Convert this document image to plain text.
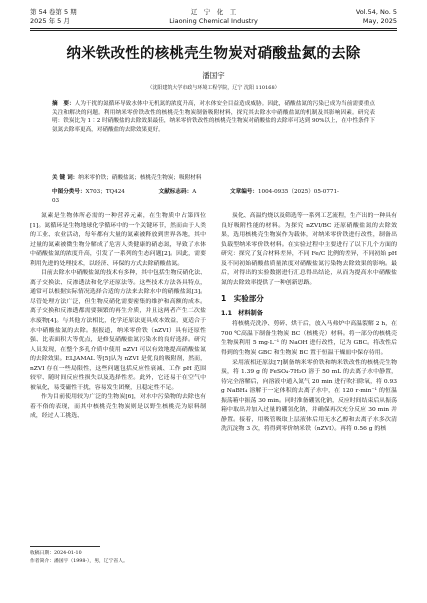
第 54 卷第 5 期
2025 年 5 月
辽　宁　化　工
Liaoning Chemical Industry
Vol.54, No. 5
May, 2025
纳米铁改性的核桃壳生物炭对硝酸盐氮的去除
潘国宇
（沈阳建筑大学市政与环境工程学院，辽宁 沈阳 110168）
摘　要：人为干扰的氮循环导致水体中无机氮的浓度升高，对水体安全目益造成威胁。因此，硝酸盐氮的污染已成为当前需要重点关注和解决的问题。利用纳米零价铁改性的核桃壳生物炭制备吸附材料，探究其去除水中硝酸盐氮的机制及其影响因素。研究表明：铁炭比为 1∶2 时硝酸盐的去除效果最佳，纳米零价铁改性的核桃壳生物炭对硝酸盐的去除率可达到 90%以上，在中性条件下氨氮去除率更高，对硝酸盐的去除效果更好。
关 键 词：纳米零价铁；硝酸盐氮；核桃壳生物炭；吸附材料
中图分类号：X703；TQ424	文献标志码：A	文章编号：1004-0935（2025）05-0771-03

氮素是生物体所必需的一种营养元素，在生物质中占第四位[1]。氮循环是生物地球化学循环中的一个关键环节，然而由于人类的工业、农业活动，每年都有大量的氮素被释放到世界各地，其中过量的氮素被微生物分解成了危害人类健康的硝态氮，导致了水体中硝酸盐氮的浓度升高，引发了一系列的生态问题[2]。因此，需要利用先进的处理技术，以经济、环保的方式去除硝酸盐氮。

目前去除水中硝酸盐氮的技术有多种，其中包括生物反硝化法、离子交换法、反渗透法和化学还原法等。这些技术方法各具特点，通常可以根据实际情况选择合适的方法来去除水中的硝酸盐氮[3]。尽管处理方法广泛，但生物反硝化需要密集的维护和高额的成本。离子交换和反渗透都需要频繁的再生介质，并且这两者产生二次盐水废物[4]。与其他方法相比，化学还原法更具成本效益，更适合于水中硝酸盐氮的去除。据报道，纳米零价铁（nZVI）具有还原性强、比表面积大等优点，是修复硝酸盐氮污染水的良好选择。研究人员发现，在整个多孔介质中使用 nZVI 可以有效地提高硝酸盐氮的去除效果。ELJAMAL 等[5]认为 nZVI 是优良的吸附剂，然而，nZVI 存在一些局限性，这些问题包括反应性衰减、工作 pH 范围较窄、随时间反应性损失以及选择性差。此外，它还易于在空气中被氧化，易受磁性干扰，容易发生团聚，且稳定性不足。

作为目前使用较为广泛的生物炭[6]，对水中污染物的去除也有着不俗的表现，而其中核桃壳生物炭则是以野生核桃壳为原料制成，经过人工挑选、

炭化、高温灼烧以及筛选等一系列工艺流程，生产出的一种具有良好吸附性能的材料。为探究 nZVI/BC 还原硝酸盐氮的去除效果，选用核桃壳生物炭作为载体，对纳米零价铁进行改性，制备出负载型纳米零价铁材料。在实验过程中主要进行了以下几个方面的研究：探究了复合材料差异，不同 Fe/C 比例的差异，不同初始 pH 及不同初始硝酸盐质量浓度对硝酸盐氮污染物去除效果的影响。最后，对得出的实验数据进行汇总得出结论，从而为提高水中硝酸盐氮的去除效率提供了一种创新思路。

1　实验部分
1.1　材料制备

将核桃壳洗净、剪碎、烘干后，放入马弗炉中高温裂解 2 h，在 700 ℃高温下制备生物炭 BC（核桃壳）材料。将一部分的核桃壳生物炭利用 5 mg·L⁻¹ 的 NaOH 进行改性，记为 GBC。将改性后得到的生物炭 GBC 和生物炭 BC 置于恒温干燥皿中保存待用。

采用液相还原法[7]制备纳米零价铁和纳米铁改性的核桃壳生物炭，将 1.39 g 的 FeSO₄·7H₂O 溶于 50 mL 的去离子水中静置，待完全溶解后，向溶液中通入氮气 20 min 进行吹扫除氧，将 0.93 g NaBH₄ 溶解于一定体积的去离子水中，在 120 r·min⁻¹ 的恒温振荡箱中振荡 30 min。同时准备硼氢化钠，反应时间结束后从振荡箱中取出并加入过量的硼氢化钠，并确保再次充分反应 30 min 并静置。接着，用吸管吸取上层液体后用无水乙醇和去离子水多次清洗沉淀物 3 次，将得到零价纳米铁（nZVI）。再将 0.56 g 的核

收稿日期：2024-01-10
作者简介：潘国宇（1998-），男，辽宁省人。
